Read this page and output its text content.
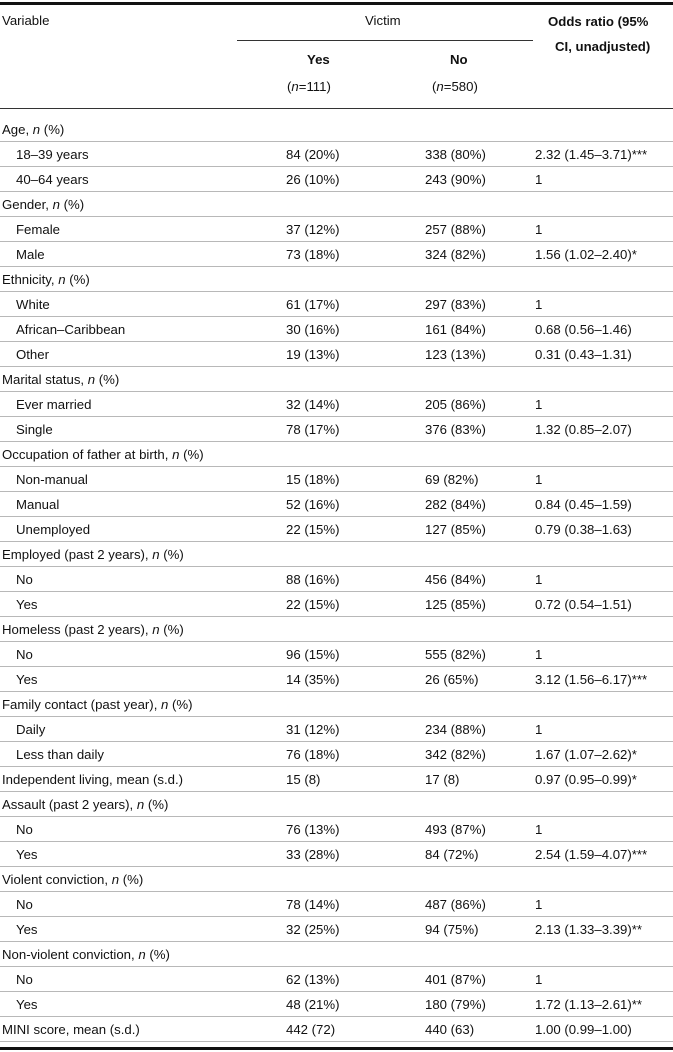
Variable	Victim	Odds ratio (95%
CI, unadjusted)
Yes	No
(n=111)	(n=580)
Age, n (%)
18–39 years	84 (20%)	338 (80%)	2.32 (1.45–3.71)***
40–64 years	26 (10%)	243 (90%)	1
Gender, n (%)
Female	37 (12%)	257 (88%)	1
Male	73 (18%)	324 (82%)	1.56 (1.02–2.40)*
Ethnicity, n (%)
White	61 (17%)	297 (83%)	1
African–Caribbean	30 (16%)	161 (84%)	0.68 (0.56–1.46)
Other	19 (13%)	123 (13%)	0.31 (0.43–1.31)
Marital status, n (%)
Ever married	32 (14%)	205 (86%)	1
Single	78 (17%)	376 (83%)	1.32 (0.85–2.07)
Occupation of father at birth, n (%)
Non-manual	15 (18%)	69 (82%)	1
Manual	52 (16%)	282 (84%)	0.84 (0.45–1.59)
Unemployed	22 (15%)	127 (85%)	0.79 (0.38–1.63)
Employed (past 2 years), n (%)
No	88 (16%)	456 (84%)	1
Yes	22 (15%)	125 (85%)	0.72 (0.54–1.51)
Homeless (past 2 years), n (%)
No	96 (15%)	555 (82%)	1
Yes	14 (35%)	26 (65%)	3.12 (1.56–6.17)***
Family contact (past year), n (%)
Daily	31 (12%)	234 (88%)	1
Less than daily	76 (18%)	342 (82%)	1.67 (1.07–2.62)*
Independent living, mean (s.d.)	15 (8)	17 (8)	0.97 (0.95–0.99)*
Assault (past 2 years), n (%)
No	76 (13%)	493 (87%)	1
Yes	33 (28%)	84 (72%)	2.54 (1.59–4.07)***
Violent conviction, n (%)
No	78 (14%)	487 (86%)	1
Yes	32 (25%)	94 (75%)	2.13 (1.33–3.39)**
Non-violent conviction, n (%)
No	62 (13%)	401 (87%)	1
Yes	48 (21%)	180 (79%)	1.72 (1.13–2.61)**
MINI score, mean (s.d.)	442 (72)	440 (63)	1.00 (0.99–1.00)
